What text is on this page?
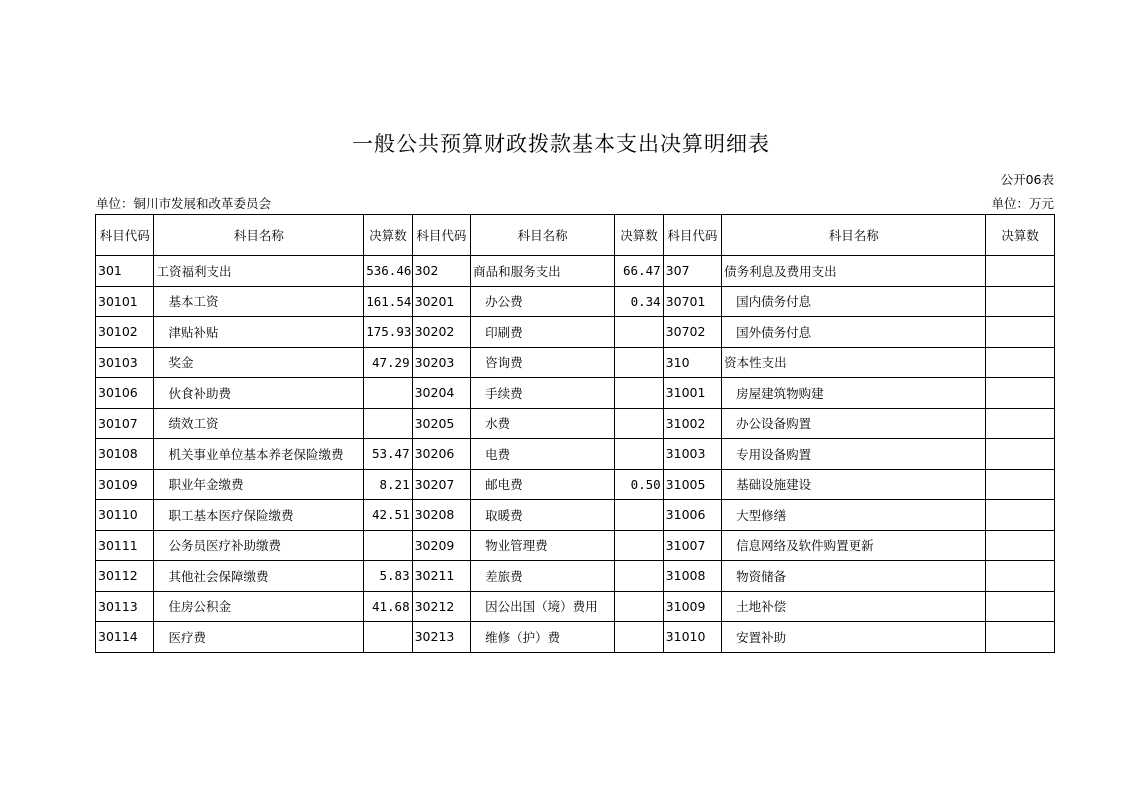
一般公共预算财政拨款基本支出决算明细表
公开06表
单位：铜川市发展和改革委员会	单位：万元
科目代码	科目名称	决算数	科目代码	科目名称	决算数	科目代码	科目名称	决算数
301	工资福利支出	536.46	302	商品和服务支出	66.47	307	债务利息及费用支出	
30101	基本工资	161.54	30201	办公费	0.34	30701	国内债务付息	
30102	津贴补贴	175.93	30202	印刷费		30702	国外债务付息	
30103	奖金	47.29	30203	咨询费		310	资本性支出	
30106	伙食补助费		30204	手续费		31001	房屋建筑物购建	
30107	绩效工资		30205	水费		31002	办公设备购置	
30108	机关事业单位基本养老保险缴费	53.47	30206	电费		31003	专用设备购置	
30109	职业年金缴费	8.21	30207	邮电费	0.50	31005	基础设施建设	
30110	职工基本医疗保险缴费	42.51	30208	取暖费		31006	大型修缮	
30111	公务员医疗补助缴费		30209	物业管理费		31007	信息网络及软件购置更新	
30112	其他社会保障缴费	5.83	30211	差旅费		31008	物资储备	
30113	住房公积金	41.68	30212	因公出国（境）费用		31009	土地补偿	
30114	医疗费		30213	维修（护）费		31010	安置补助	
